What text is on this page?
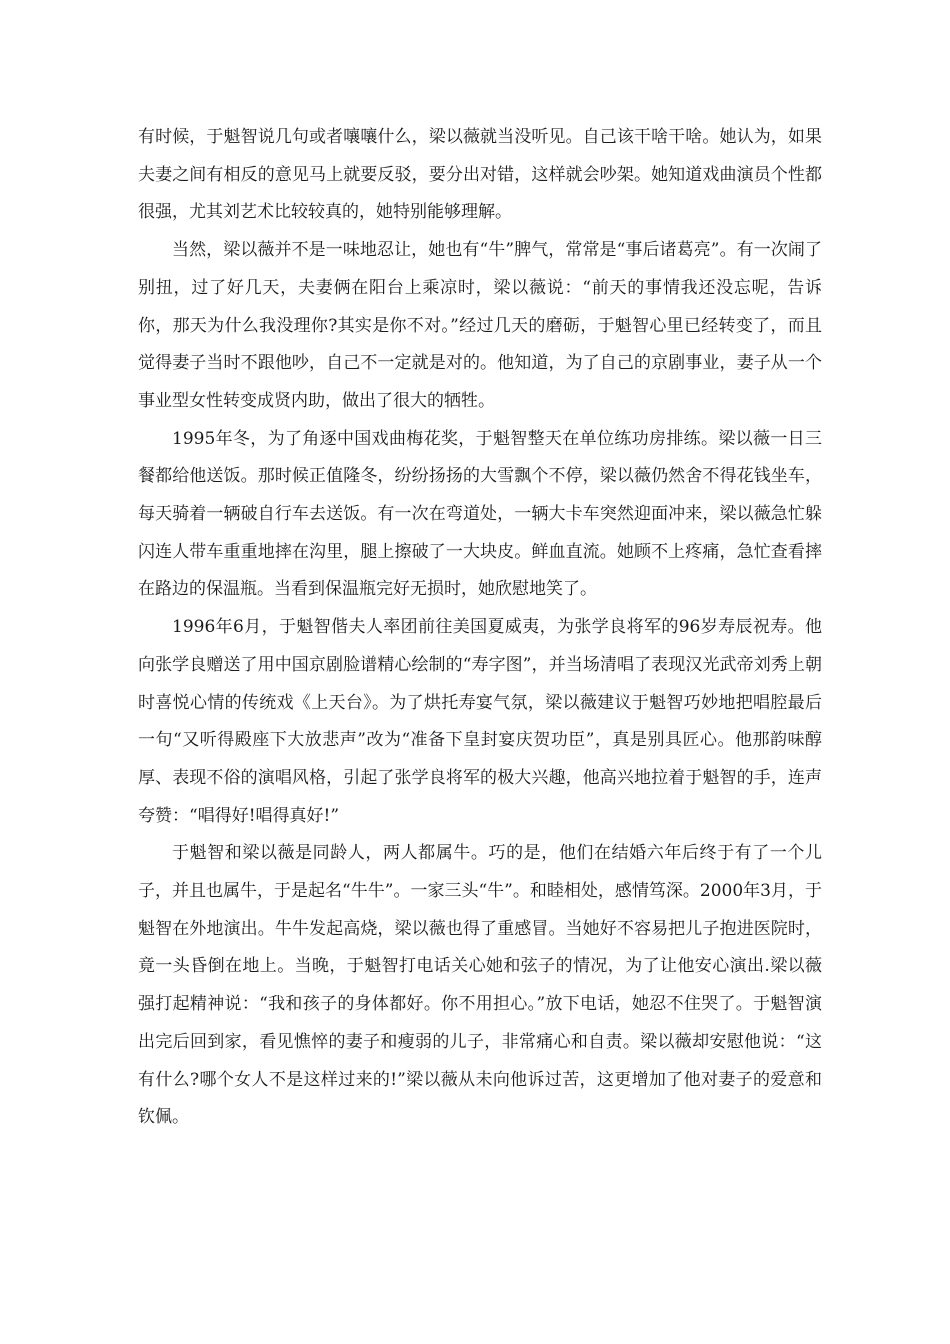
有时候，于魁智说几句或者嚷嚷什么，梁以薇就当没听见。自己该干啥干啥。她认为，如果夫妻之间有相反的意见马上就要反驳，要分出对错，这样就会吵架。她知道戏曲演员个性都很强，尤其刘艺术比较较真的，她特别能够理解。

当然，梁以薇并不是一味地忍让，她也有“牛”脾气，常常是“事后诸葛亮”。有一次闹了别扭，过了好几天，夫妻俩在阳台上乘凉时，梁以薇说：“前天的事情我还没忘呢，告诉你，那天为什么我没理你?其实是你不对。”经过几天的磨砺，于魁智心里已经转变了，而且觉得妻子当时不跟他吵，自己不一定就是对的。他知道，为了自己的京剧事业，妻子从一个事业型女性转变成贤内助，做出了很大的牺牲。

1995年冬，为了角逐中国戏曲梅花奖，于魁智整天在单位练功房排练。梁以薇一日三餐都给他送饭。那时候正值隆冬，纷纷扬扬的大雪飘个不停，梁以薇仍然舍不得花钱坐车，每天骑着一辆破自行车去送饭。有一次在弯道处，一辆大卡车突然迎面冲来，梁以薇急忙躲闪连人带车重重地摔在沟里，腿上擦破了一大块皮。鲜血直流。她顾不上疼痛，急忙查看摔在路边的保温瓶。当看到保温瓶完好无损时，她欣慰地笑了。

1996年6月，于魁智偕夫人率团前往美国夏威夷，为张学良将军的96岁寿辰祝寿。他向张学良赠送了用中国京剧脸谱精心绘制的“寿字图”，并当场清唱了表现汉光武帝刘秀上朝时喜悦心情的传统戏《上天台》。为了烘托寿宴气氛，梁以薇建议于魁智巧妙地把唱腔最后一句“又听得殿座下大放悲声”改为“准备下皇封宴庆贺功臣”，真是别具匠心。他那韵味醇厚、表现不俗的演唱风格，引起了张学良将军的极大兴趣，他高兴地拉着于魁智的手，连声夸赞：“唱得好!唱得真好!”

于魁智和梁以薇是同龄人，两人都属牛。巧的是，他们在结婚六年后终于有了一个儿子，并且也属牛，于是起名“牛牛”。一家三头“牛”。和睦相处，感情笃深。2000年3月，于魁智在外地演出。牛牛发起高烧，梁以薇也得了重感冒。当她好不容易把儿子抱进医院时，竟一头昏倒在地上。当晚，于魁智打电话关心她和弦子的情况，为了让他安心演出.梁以薇强打起精神说：“我和孩子的身体都好。你不用担心。”放下电话，她忍不住哭了。于魁智演出完后回到家，看见憔悴的妻子和瘦弱的儿子，非常痛心和自责。梁以薇却安慰他说：“这有什么?哪个女人不是这样过来的!”梁以薇从未向他诉过苦，这更增加了他对妻子的爱意和钦佩。
